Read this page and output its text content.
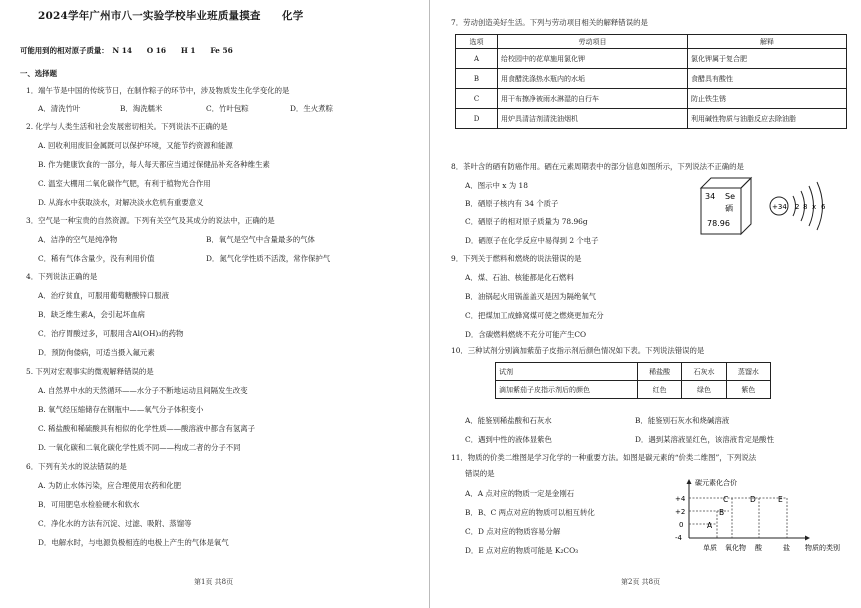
2024学年广州市八一实验学校毕业班质量摸查　　化学
可能用到的相对原子质量：　N 14　　O 16　　H 1　　Fe 56
一、选择题
1．端午节是中国的传统节日，在制作粽子的环节中，涉及物质发生化学变化的是
A．清洗竹叶	B．淘洗糯米	C．竹叶包粽	D．生火煮粽
2. 化学与人类生活和社会发展密切相关。下列说法不正确的是
A. 回收利用废旧金属既可以保护环境，又能节约资源和能源
B. 作为健康饮食的一部分，每人每天都应当通过保健品补充各种维生素
C. 温室大棚用二氧化碳作气肥，有利于植物光合作用
D. 从海水中获取淡水，对解决淡水危机有重要意义
3．空气是一种宝贵的自然资源。下列有关空气及其成分的说法中，正确的是
A．洁净的空气是纯净物	B．氧气是空气中含量最多的气体
C．稀有气体含量少，没有利用价值	D．氮气化学性质不活泼，常作保护气
4．下列说法正确的是
A．治疗贫血，可服用葡萄糖酸锌口服液
B．缺乏维生素A，会引起坏血病
C．治疗胃酸过多，可服用含Al(OH)₃的药物
D．预防佝偻病，可适当摄入氟元素
5. 下列对宏观事实的微观解释错误的是
A. 自然界中水的天然循环——水分子不断地运动且间隔发生改变
B. 氧气经压缩储存在钢瓶中——氧气分子体积变小
C. 稀盐酸和稀硫酸具有相似的化学性质——酸溶液中都含有氢离子
D. 一氧化碳和二氧化碳化学性质不同——构成二者的分子不同
6．下列有关水的说法错误的是
A. 为防止水体污染，应合理使用农药和化肥
B．可用肥皂水检验硬水和软水
C．净化水的方法有沉淀、过滤、吸附、蒸馏等
D．电解水时，与电源负极相连的电极上产生的气体是氧气
第1页 共8页
7．劳动创造美好生活。下列与劳动项目相关的解释错误的是
选项	劳动项目	解释
A	给校园中的花草施用氯化钾	氯化钾属于复合肥
B	用食醋洗涤热水瓶内的水垢	食醋具有酸性
C	用干布擦净被雨水淋湿的自行车	防止铁生锈
D	用炉具清洁剂清洗油烟机	利用碱性物质与油脂反应去除油脂
8．茶叶含的硒有防癌作用。硒在元素周期表中的部分信息如图所示，下列说法不正确的是
A．图示中 x 为 18
B．硒原子核内有 34 个质子
C．硒原子的相对原子质量为 78.96g
D．硒原子在化学反应中易得到 2 个电子
34 Se
硒
78.96
+34 2 8 x 6
9．下列关于燃料和燃烧的说法错误的是
A．煤、石油、核能都是化石燃料
B．油锅起火用锅盖盖灭是因为隔绝氧气
C．把煤加工成蜂窝煤可使之燃烧更加充分
D．含碳燃料燃烧不充分可能产生CO
10．三种试剂分别滴加紫茄子皮指示剂后颜色情况如下表。下列说法错误的是
试剂	稀盐酸	石灰水	蒸馏水
滴加紫茄子皮指示剂后的颜色	红色	绿色	紫色
A．能鉴别稀盐酸和石灰水	B．能鉴别石灰水和烧碱溶液
C．遇到中性的液体显紫色	D．遇到某溶液显红色，该溶液肯定是酸性
11．物质的价类二维图是学习化学的一种重要方法。如图是碳元素的“价类二维图”，下列说法
错误的是
A．A 点对应的物质一定是金刚石
B．B、C 两点对应的物质可以相互转化
C．D 点对应的物质容易分解
D．E 点对应的物质可能是 K₂CO₃
碳元素化合价
+4
+2
0
-4
A
B
C	D	E
单质 氧化物 酸	盐 物质的类别
第2页 共8页
